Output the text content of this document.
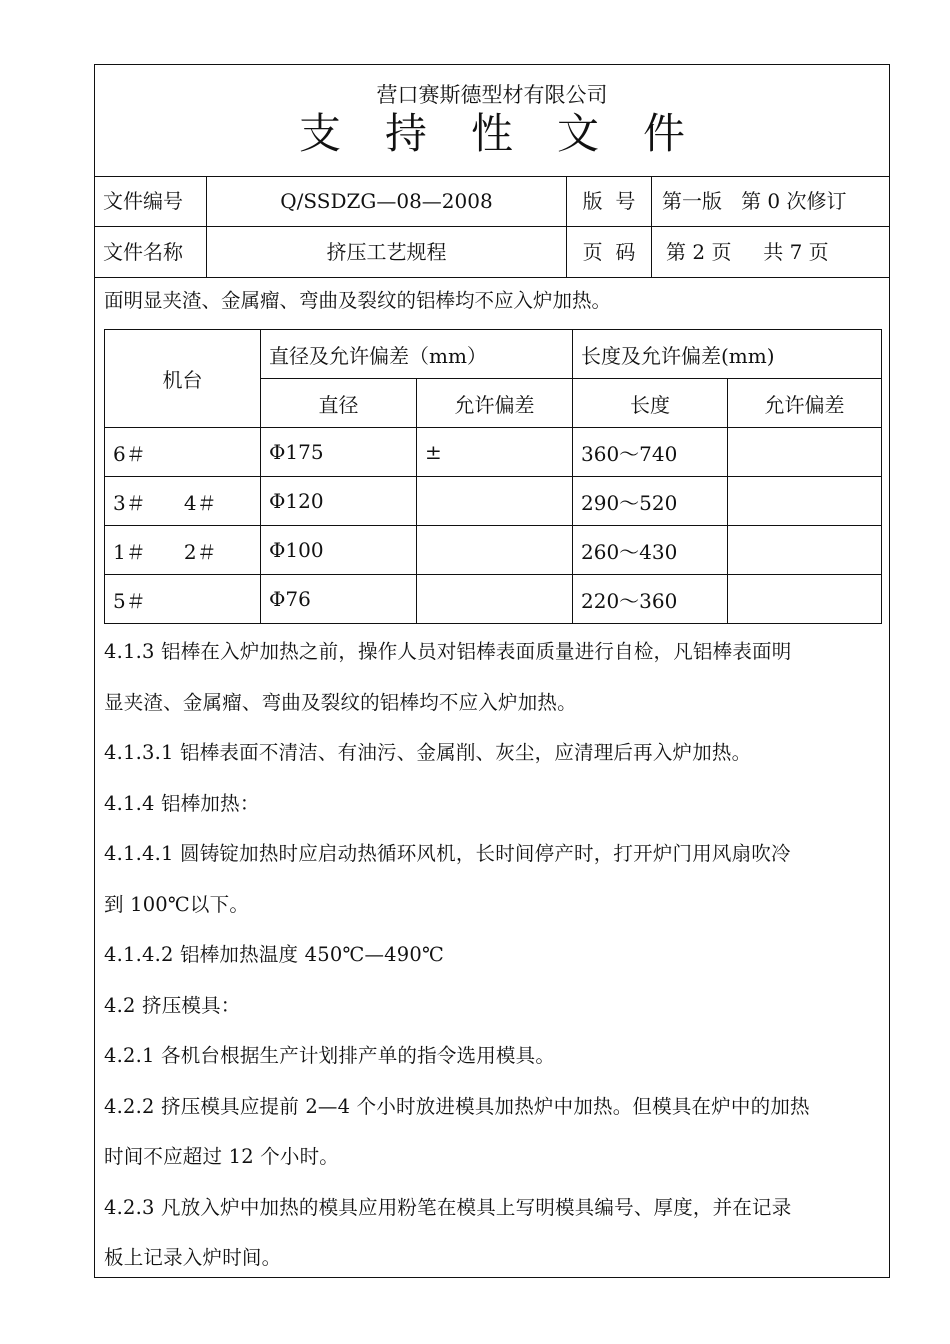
营口赛斯德型材有限公司
支持性文件
文件编号	Q/SSDZG—08—2008	版  号	第一版   第 0 次修订
文件名称	挤压工艺规程	页  码	第 2 页     共 7 页
面明显夹渣、金属瘤、弯曲及裂纹的铝棒均不应入炉加热。
机台	直径及允许偏差（mm）		长度及允许偏差(mm)	
	直径	允许偏差	长度	允许偏差
6＃	Φ175	±	360～740	
3＃      4＃	Φ120		290～520	
1＃      2＃	Φ100		260～430	
5＃	Φ76		220～360	
4.1.3 铝棒在入炉加热之前，操作人员对铝棒表面质量进行自检，凡铝棒表面明
显夹渣、金属瘤、弯曲及裂纹的铝棒均不应入炉加热。
4.1.3.1 铝棒表面不清洁、有油污、金属削、灰尘，应清理后再入炉加热。
4.1.4 铝棒加热：
4.1.4.1 圆铸锭加热时应启动热循环风机，长时间停产时，打开炉门用风扇吹冷
到 100℃以下。
4.1.4.2 铝棒加热温度 450℃—490℃
4.2 挤压模具：
4.2.1 各机台根据生产计划排产单的指令选用模具。
4.2.2 挤压模具应提前 2—4 个小时放进模具加热炉中加热。但模具在炉中的加热
时间不应超过 12 个小时。
4.2.3 凡放入炉中加热的模具应用粉笔在模具上写明模具编号、厚度，并在记录
板上记录入炉时间。
